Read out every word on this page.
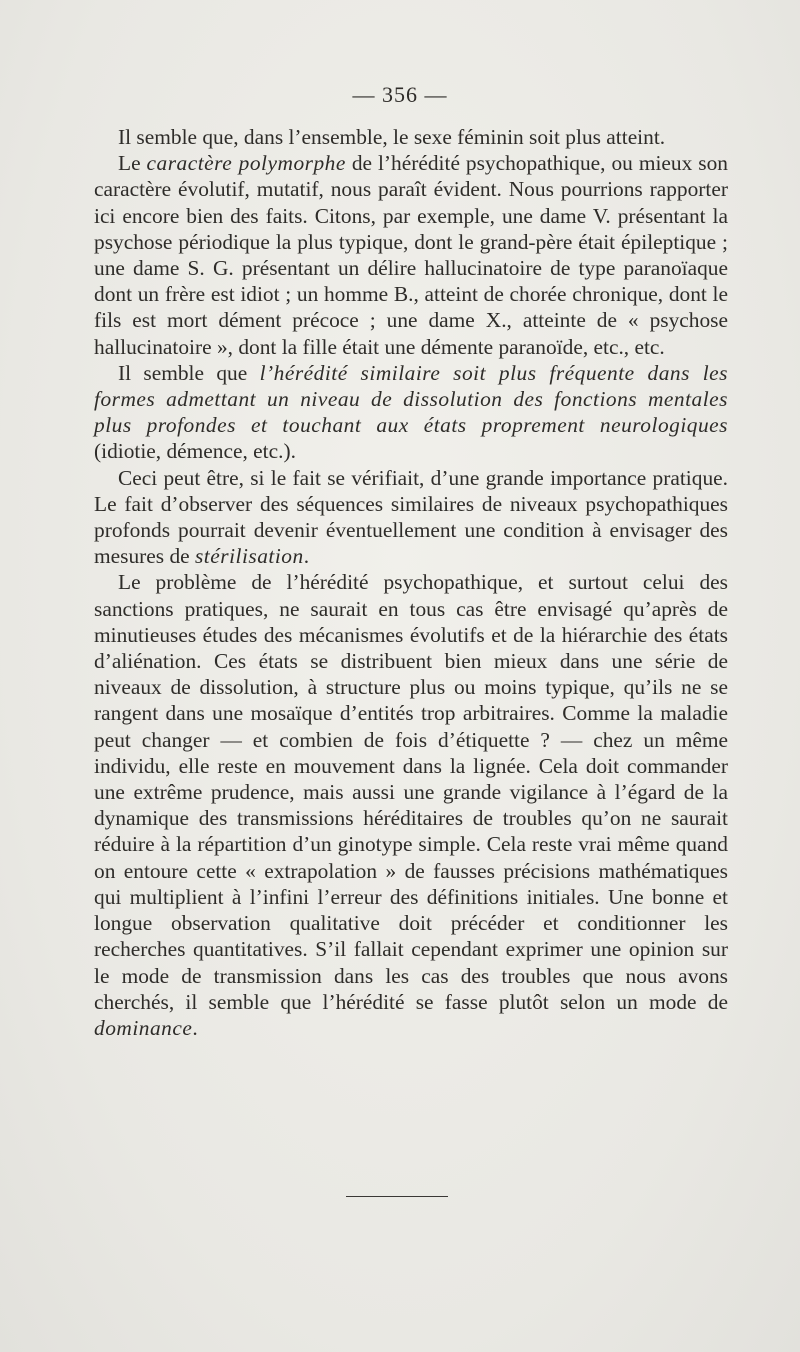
— 356 —

Il semble que, dans l’ensemble, le sexe féminin soit plus atteint.

Le caractère polymorphe de l’hérédité psychopathique, ou mieux son caractère évolutif, mutatif, nous paraît évident. Nous pourrions rapporter ici encore bien des faits. Citons, par exemple, une dame V. présentant la psychose périodique la plus typique, dont le grand-père était épileptique ; une dame S. G. présentant un délire hallucinatoire de type paranoïaque dont un frère est idiot ; un homme B., atteint de chorée chronique, dont le fils est mort dément précoce ; une dame X., atteinte de « psychose hallucinatoire », dont la fille était une démente paranoïde, etc., etc.

Il semble que l’hérédité similaire soit plus fréquente dans les formes admettant un niveau de dissolution des fonctions mentales plus profondes et touchant aux états proprement neurologiques (idiotie, démence, etc.).

Ceci peut être, si le fait se vérifiait, d’une grande importance pratique. Le fait d’observer des séquences similaires de niveaux psychopathiques profonds pourrait devenir éventuellement une condition à envisager des mesures de stérilisation.

Le problème de l’hérédité psychopathique, et surtout celui des sanctions pratiques, ne saurait en tous cas être envisagé qu’après de minutieuses études des mécanismes évolutifs et de la hiérarchie des états d’aliénation. Ces états se distribuent bien mieux dans une série de niveaux de dissolution, à structure plus ou moins typique, qu’ils ne se rangent dans une mosaïque d’entités trop arbitraires. Comme la maladie peut changer — et combien de fois d’étiquette ? — chez un même individu, elle reste en mouvement dans la lignée. Cela doit commander une extrême prudence, mais aussi une grande vigilance à l’égard de la dynamique des transmissions héréditaires de troubles qu’on ne saurait réduire à la répartition d’un ginotype simple. Cela reste vrai même quand on entoure cette « extrapolation » de fausses précisions mathématiques qui multiplient à l’infini l’erreur des définitions initiales. Une bonne et longue observation qualitative doit précéder et conditionner les recherches quantitatives. S’il fallait cependant exprimer une opinion sur le mode de transmission dans les cas des troubles que nous avons cherchés, il semble que l’hérédité se fasse plutôt selon un mode de dominance.
